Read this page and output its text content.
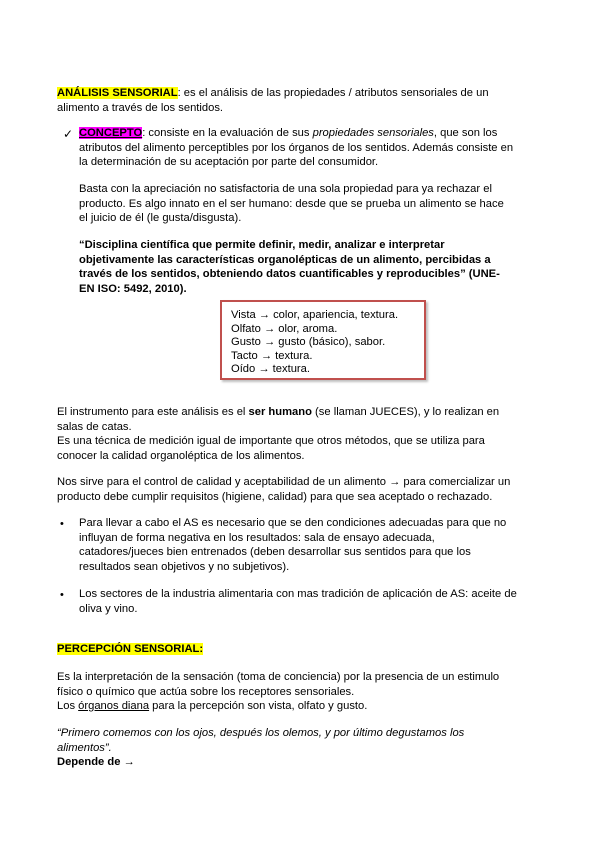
ANÁLISIS SENSORIAL: es el análisis de las propiedades / atributos sensoriales de un
alimento a través de los sentidos.
✓ CONCEPTO: consiste en la evaluación de sus propiedades sensoriales, que son los
atributos del alimento perceptibles por los órganos de los sentidos. Además consiste en
la determinación de su aceptación por parte del consumidor.
Basta con la apreciación no satisfactoria de una sola propiedad para ya rechazar el
producto. Es algo innato en el ser humano: desde que se prueba un alimento se hace
el juicio de él (le gusta/disgusta).
“Disciplina científica que permite definir, medir, analizar e interpretar
objetivamente las características organolépticas de un alimento, percibidas a
través de los sentidos, obteniendo datos cuantificables y reproducibles” (UNE-
EN ISO: 5492, 2010).
Vista → color, apariencia, textura.
Olfato → olor, aroma.
Gusto → gusto (básico), sabor.
Tacto → textura.
Oído → textura.
El instrumento para este análisis es el ser humano (se llaman JUECES), y lo realizan en
salas de catas.
Es una técnica de medición igual de importante que otros métodos, que se utiliza para
conocer la calidad organoléptica de los alimentos.
Nos sirve para el control de calidad y aceptabilidad de un alimento → para comercializar un
producto debe cumplir requisitos (higiene, calidad) para que sea aceptado o rechazado.
• Para llevar a cabo el AS es necesario que se den condiciones adecuadas para que no
influyan de forma negativa en los resultados: sala de ensayo adecuada,
catadores/jueces bien entrenados (deben desarrollar sus sentidos para que los
resultados sean objetivos y no subjetivos).
• Los sectores de la industria alimentaria con mas tradición de aplicación de AS: aceite de
oliva y vino.
PERCEPCIÓN SENSORIAL:
Es la interpretación de la sensación (toma de conciencia) por la presencia de un estimulo
físico o químico que actúa sobre los receptores sensoriales.
Los órganos diana para la percepción son vista, olfato y gusto.
“Primero comemos con los ojos, después los olemos, y por último degustamos los
alimentos”.
Depende de →
